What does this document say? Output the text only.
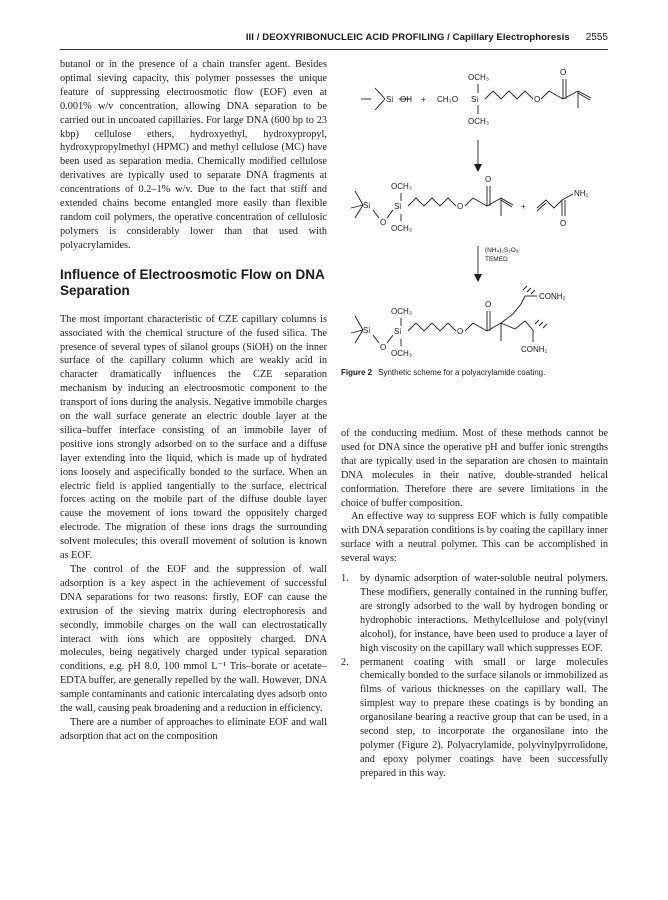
III / DEOXYRIBONUCLEIC ACID PROFILING / Capillary Electrophoresis 2555

butanol or in the presence of a chain transfer agent. Besides optimal sieving capacity, this polymer possesses the unique feature of suppressing electroosmotic flow (EOF) even at 0.001% w/v concentration, allowing DNA separation to be carried out in uncoated capillaries. For large DNA (600 bp to 23 kbp) cellulose ethers, hydroxyethyl, hydroxypropyl, hydroxypropylmethyl (HPMC) and methyl cellulose (MC) have been used as separation media. Chemically modified cellulose derivatives are typically used to separate DNA fragments at concentrations of 0.2–1% w/v. Due to the fact that stiff and extended chains become entangled more easily than flexible random coil polymers, the operative concentration of cellulosic polymers is considerably lower than that used with polyacrylamides.

Influence of Electroosmotic Flow on DNA Separation

The most important characteristic of CZE capillary columns is associated with the chemical structure of the fused silica. The presence of several types of silanol groups (SiOH) on the inner surface of the capillary column which are weakly acid in character dramatically influences the CZE separation mechanism by inducing an electroosmotic component to the transport of ions during the analysis. Negative immobile charges on the wall surface generate an electric double layer at the silica–buffer interface consisting of an immobile layer of positive ions strongly adsorbed on to the surface and a diffuse layer extending into the liquid, which is made up of hydrated ions loosely and aspecifically bonded to the surface. When an electric field is applied tangentially to the surface, electrical forces acting on the mobile part of the diffuse double layer cause the movement of ions toward the oppositely charged electrode. The migration of these ions drags the surrounding solvent molecules; this overall movement of solution is known as EOF.

The control of the EOF and the suppression of wall adsorption is a key aspect in the achievement of successful DNA separations for two reasons: firstly, EOF can cause the extrusion of the sieving matrix during electrophoresis and secondly, immobile charges on the wall can electrostatically interact with ions which are oppositely charged. DNA molecules, being negatively charged under typical separation conditions, e.g. pH 8.0, 100 mmol L⁻¹ Tris–borate or acetate–EDTA buffer, are generally repelled by the wall. However, DNA sample contaminants and cationic intercalating dyes adsorb onto the wall, causing peak broadening and a reduction in efficiency.

There are a number of approaches to eliminate EOF and wall adsorption that act on the composition

Si OH + CH₃O Si
OCH₃
OCH₃
O
O
Si
O
Si
OCH₃
OCH₃
O
O
+
NH₂
O
Si
O
Si
OCH₃
OCH₃
O
O
CONH₂
CONH₂
(NH₄)₂S₂O₈
TEMED
Figure 2 Synthetic scheme for a polyacrylamide coating.

of the conducting medium. Most of these methods cannot be used for DNA since the operative pH and buffer ionic strengths that are typically used in the separation are chosen to maintain DNA molecules in their native, double-stranded helical conformation. Therefore there are severe limitations in the choice of buffer composition.

An effective way to suppress EOF which is fully compatible with DNA separation conditions is by coating the capillary inner surface with a neutral polymer. This can be accomplished in several ways:

1. by dynamic adsorption of water-soluble neutral polymers. These modifiers, generally contained in the running buffer, are strongly adsorbed to the wall by hydrogen bonding or hydrophobic interactions. Methylcellulose and poly(vinyl alcohol), for instance, have been used to produce a layer of high viscosity on the capillary wall which suppresses EOF.
2. permanent coating with small or large molecules chemically bonded to the surface silanols or immobilized as films of various thicknesses on the capillary wall. The simplest way to prepare these coatings is by bonding an organosilane bearing a reactive group that can be used, in a second step, to incorporate the organosilane into the polymer (Figure 2). Polyacrylamide, polyvinylpyrrolidone, and epoxy polymer coatings have been successfully prepared in this way.
